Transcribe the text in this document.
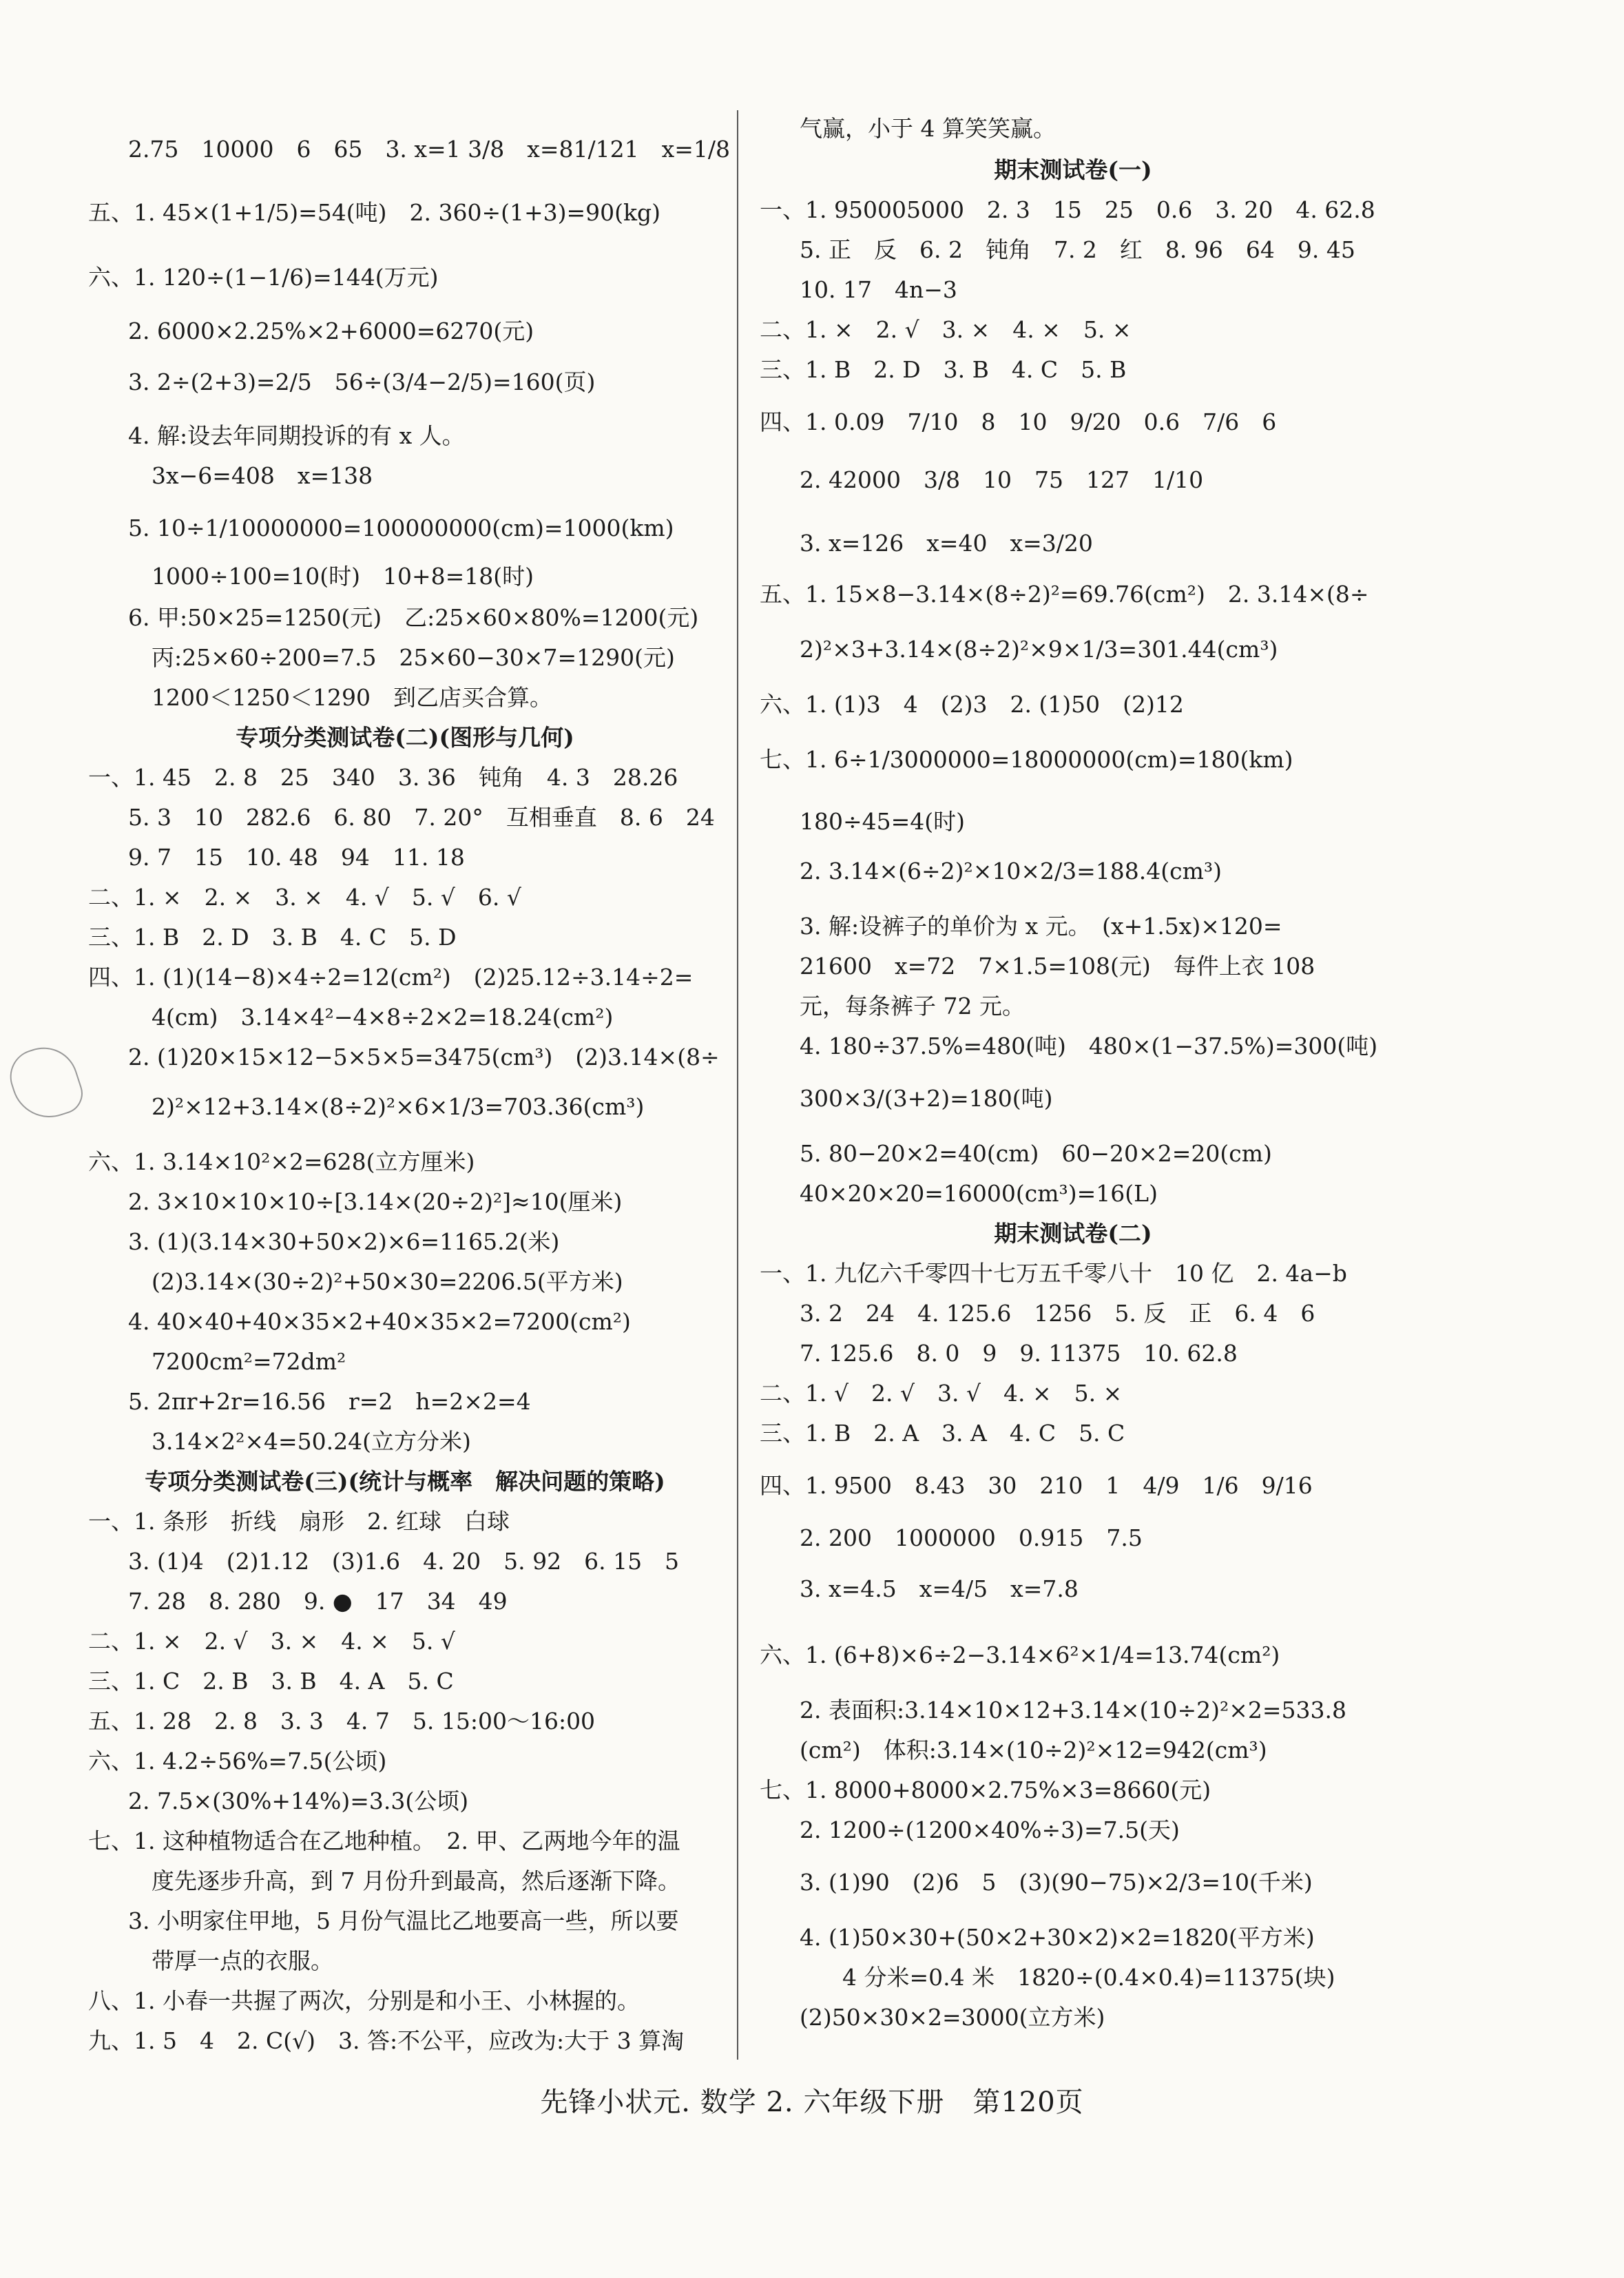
2.75　10000　6　65　3. x=1 3/8　x=81/121　x=1/8
五、1. 45×(1+1/5)=54(吨)　2. 360÷(1+3)=90(kg)
六、1. 120÷(1−1/6)=144(万元)
2. 6000×2.25%×2+6000=6270(元)
3. 2÷(2+3)=2/5　56÷(3/4−2/5)=160(页)
4. 解:设去年同期投诉的有 x 人。
3x−6=408　x=138
5. 10÷1/10000000=100000000(cm)=1000(km)
1000÷100=10(时)　10+8=18(时)
6. 甲:50×25=1250(元)　乙:25×60×80%=1200(元)
丙:25×60÷200=7.5　25×60−30×7=1290(元)
1200＜1250＜1290　到乙店买合算。
专项分类测试卷(二)(图形与几何)
一、1. 45　2. 8　25　340　3. 36　钝角　4. 3　28.26
5. 3　10　282.6　6. 80　7. 20°　互相垂直　8. 6　24
9. 7　15　10. 48　94　11. 18
二、1. ×　2. ×　3. ×　4. √　5. √　6. √
三、1. B　2. D　3. B　4. C　5. D
四、1. (1)(14−8)×4÷2=12(cm²)　(2)25.12÷3.14÷2=
4(cm)　3.14×4²−4×8÷2×2=18.24(cm²)
2. (1)20×15×12−5×5×5=3475(cm³)　(2)3.14×(8÷
2)²×12+3.14×(8÷2)²×6×1/3=703.36(cm³)
六、1. 3.14×10²×2=628(立方厘米)
2. 3×10×10×10÷[3.14×(20÷2)²]≈10(厘米)
3. (1)(3.14×30+50×2)×6=1165.2(米)
(2)3.14×(30÷2)²+50×30=2206.5(平方米)
4. 40×40+40×35×2+40×35×2=7200(cm²)
7200cm²=72dm²
5. 2πr+2r=16.56　r=2　h=2×2=4
3.14×2²×4=50.24(立方分米)
专项分类测试卷(三)(统计与概率　解决问题的策略)
一、1. 条形　折线　扇形　2. 红球　白球
3. (1)4　(2)1.12　(3)1.6　4. 20　5. 92　6. 15　5
7. 28　8. 280　9. ●　17　34　49
二、1. ×　2. √　3. ×　4. ×　5. √
三、1. C　2. B　3. B　4. A　5. C
五、1. 28　2. 8　3. 3　4. 7　5. 15:00～16:00
六、1. 4.2÷56%=7.5(公顷)
2. 7.5×(30%+14%)=3.3(公顷)
七、1. 这种植物适合在乙地种植。　2. 甲、乙两地今年的温
度先逐步升高，到 7 月份升到最高，然后逐渐下降。
3. 小明家住甲地，5 月份气温比乙地要高一些，所以要
带厚一点的衣服。
八、1. 小春一共握了两次，分别是和小王、小林握的。
九、1. 5　4　2. C(√)　3. 答:不公平，应改为:大于 3 算淘
气赢，小于 4 算笑笑赢。
期末测试卷(一)
一、1. 950005000　2. 3　15　25　0.6　3. 20　4. 62.8
5. 正　反　6. 2　钝角　7. 2　红　8. 96　64　9. 45
10. 17　4n−3
二、1. ×　2. √　3. ×　4. ×　5. ×
三、1. B　2. D　3. B　4. C　5. B
四、1. 0.09　7/10　8　10　9/20　0.6　7/6　6
2. 42000　3/8　10　75　127　1/10
3. x=126　x=40　x=3/20
五、1. 15×8−3.14×(8÷2)²=69.76(cm²)　2. 3.14×(8÷
2)²×3+3.14×(8÷2)²×9×1/3=301.44(cm³)
六、1. (1)3　4　(2)3　2. (1)50　(2)12
七、1. 6÷1/3000000=18000000(cm)=180(km)
180÷45=4(时)
2. 3.14×(6÷2)²×10×2/3=188.4(cm³)
3. 解:设裤子的单价为 x 元。　(x+1.5x)×120=
21600　x=72　7×1.5=108(元)　每件上衣 108
元，每条裤子 72 元。
4. 180÷37.5%=480(吨)　480×(1−37.5%)=300(吨)
300×3/(3+2)=180(吨)
5. 80−20×2=40(cm)　60−20×2=20(cm)
40×20×20=16000(cm³)=16(L)
期末测试卷(二)
一、1. 九亿六千零四十七万五千零八十　10 亿　2. 4a−b
3. 2　24　4. 125.6　1256　5. 反　正　6. 4　6
7. 125.6　8. 0　9　9. 11375　10. 62.8
二、1. √　2. √　3. √　4. ×　5. ×
三、1. B　2. A　3. A　4. C　5. C
四、1. 9500　8.43　30　210　1　4/9　1/6　9/16
2. 200　1000000　0.915　7.5
3. x=4.5　x=4/5　x=7.8
六、1. (6+8)×6÷2−3.14×6²×1/4=13.74(cm²)
2. 表面积:3.14×10×12+3.14×(10÷2)²×2=533.8
(cm²)　体积:3.14×(10÷2)²×12=942(cm³)
七、1. 8000+8000×2.75%×3=8660(元)
2. 1200÷(1200×40%÷3)=7.5(天)
3. (1)90　(2)6　5　(3)(90−75)×2/3=10(千米)
4. (1)50×30+(50×2+30×2)×2=1820(平方米)
4 分米=0.4 米　1820÷(0.4×0.4)=11375(块)
(2)50×30×2=3000(立方米)
先锋小状元. 数学 2. 六年级下册　第120页
